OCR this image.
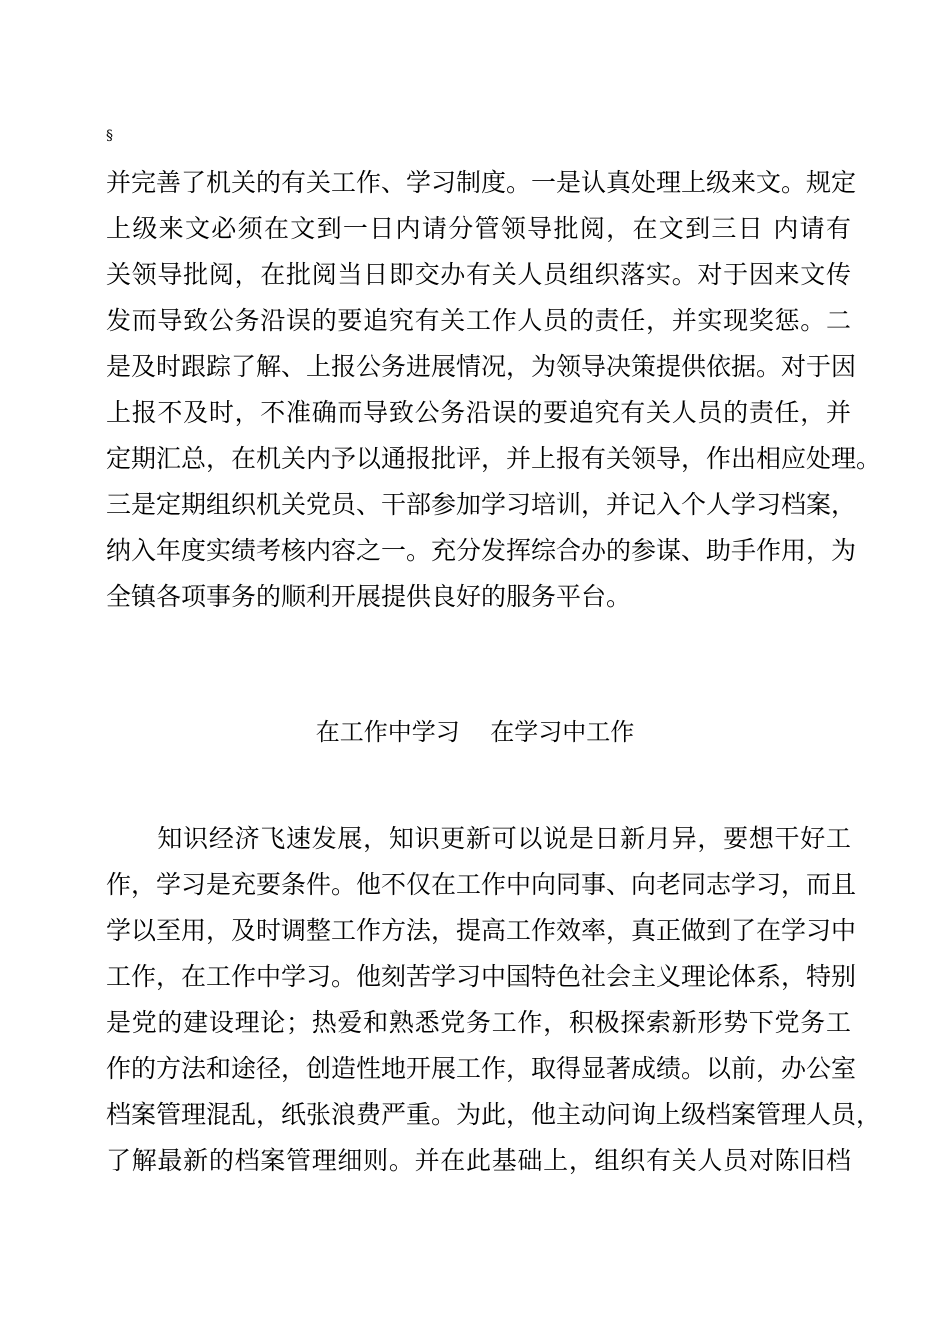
§
并完善了机关的有关工作、学习制度。一是认真处理上级来文。规定
上级来文必须在文到一日内请分管领导批阅，在文到三日 内请有
关领导批阅，在批阅当日即交办有关人员组织落实。对于因来文传
发而导致公务沿误的要追究有关工作人员的责任，并实现奖惩。二
是及时跟踪了解、上报公务进展情况，为领导决策提供依据。对于因
上报不及时，不准确而导致公务沿误的要追究有关人员的责任，并
定期汇总，在机关内予以通报批评，并上报有关领导，作出相应处理。
三是定期组织机关党员、干部参加学习培训，并记入个人学习档案，
纳入年度实绩考核内容之一。充分发挥综合办的参谋、助手作用，为
全镇各项事务的顺利开展提供良好的服务平台。
在工作中学习    在学习中工作
　　知识经济飞速发展，知识更新可以说是日新月异，要想干好工
作，学习是充要条件。他不仅在工作中向同事、向老同志学习，而且
学以至用，及时调整工作方法，提高工作效率，真正做到了在学习中
工作，在工作中学习。他刻苦学习中国特色社会主义理论体系，特别
是党的建设理论；热爱和熟悉党务工作，积极探索新形势下党务工
作的方法和途径，创造性地开展工作，取得显著成绩。以前，办公室
档案管理混乱，纸张浪费严重。为此，他主动问询上级档案管理人员，
了解最新的档案管理细则。并在此基础上，组织有关人员对陈旧档
